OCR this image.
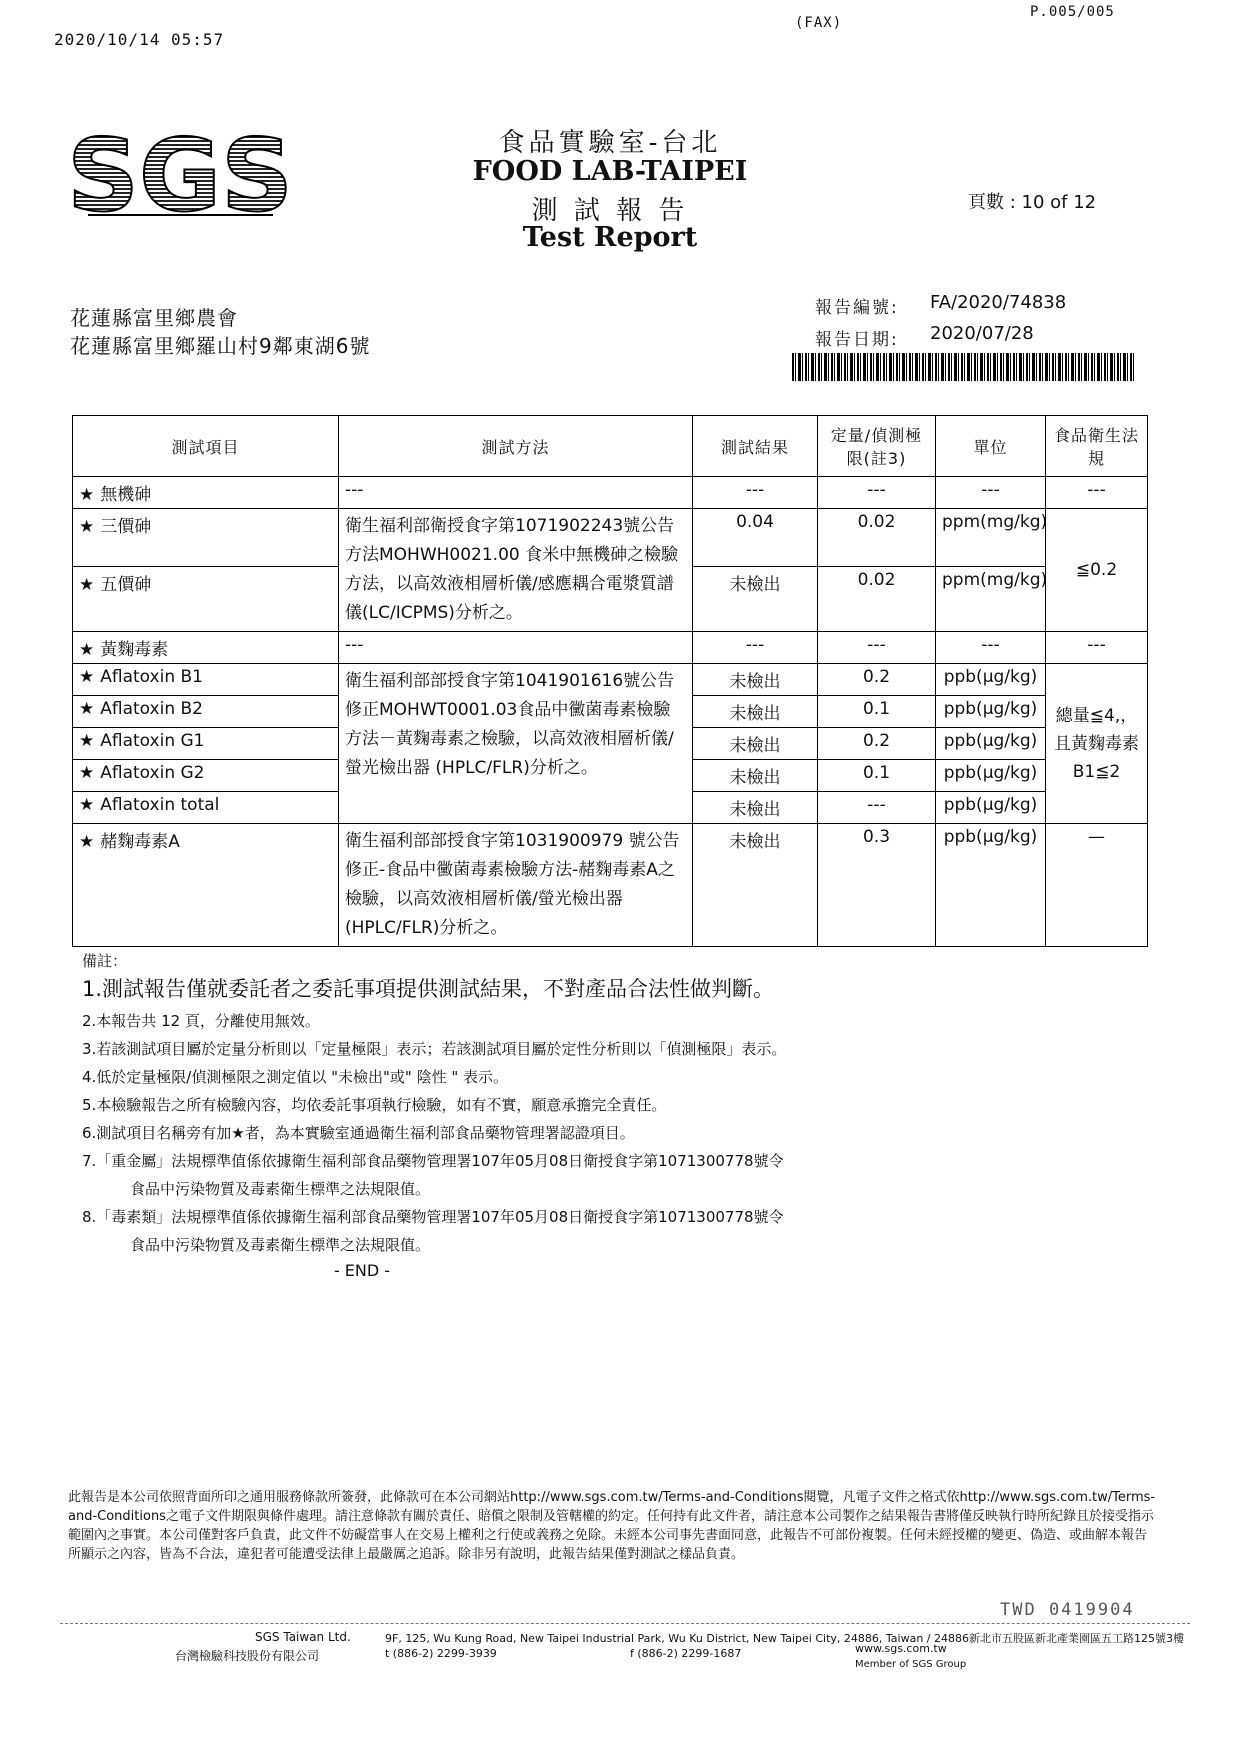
2020/10/14 05:57
(FAX)
P.005/005
SGS	食品實驗室-台北
FOOD LAB-TAIPEI
測 試 報 告
Test Report
頁數 : 10 of 12
花蓮縣富里鄉農會
花蓮縣富里鄉羅山村9鄰東湖6號
報告編號: FA/2020/74838
報告日期: 2020/07/28
測試項目	測試方法	測試結果	定量/偵測極限(註3)	單位	食品衛生法規
★ 無機砷	---	---	---	---	---
★ 三價砷	衛生福利部衛授食字第1071902243號公告方法MOHWH0021.00 食米中無機砷之檢驗方法，以高效液相層析儀/感應耦合電漿質譜儀(LC/ICPMS)分析之。	0.04	0.02	ppm(mg/kg)	≦0.2
★ 五價砷		未檢出	0.02	ppm(mg/kg)	
★ 黃麴毒素	---	---	---	---	---
★ Aflatoxin B1	衛生福利部部授食字第1041901616號公告修正MOHWT0001.03食品中黴菌毒素檢驗方法－黃麴毒素之檢驗，以高效液相層析儀/螢光檢出器 (HPLC/FLR)分析之。	未檢出	0.2	ppb(μg/kg)	總量≦4,，且黃麴毒素B1≦2
★ Aflatoxin B2		未檢出	0.1	ppb(μg/kg)	
★ Aflatoxin G1		未檢出	0.2	ppb(μg/kg)	
★ Aflatoxin G2		未檢出	0.1	ppb(μg/kg)	
★ Aflatoxin total		未檢出	---	ppb(μg/kg)	
★ 赭麴毒素A	衛生福利部部授食字第1031900979 號公告修正-食品中黴菌毒素檢驗方法-赭麴毒素A之檢驗，以高效液相層析儀/螢光檢出器(HPLC/FLR)分析之。	未檢出	0.3	ppb(μg/kg)	—
備註：
1.測試報告僅就委託者之委託事項提供測試結果，不對產品合法性做判斷。
2.本報告共 12 頁，分離使用無效。
3.若該測試項目屬於定量分析則以「定量極限」表示；若該測試項目屬於定性分析則以「偵測極限」表示。
4.低於定量極限/偵測極限之測定值以 "未檢出"或" 陰性 " 表示。
5.本檢驗報告之所有檢驗內容，均依委託事項執行檢驗，如有不實，願意承擔完全責任。
6.測試項目名稱旁有加★者，為本實驗室通過衛生福利部食品藥物管理署認證項目。
7.「重金屬」法規標準值係依據衛生福利部食品藥物管理署107年05月08日衛授食字第1071300778號令
食品中污染物質及毒素衛生標準之法規限值。
8.「毒素類」法規標準值係依據衛生福利部食品藥物管理署107年05月08日衛授食字第1071300778號令
食品中污染物質及毒素衛生標準之法規限值。
- END -
此報告是本公司依照背面所印之通用服務條款所簽發，此條款可在本公司網站http://www.sgs.com.tw/Terms-and-Conditions閱覽，凡電子文件之格式依http://www.sgs.com.tw/Terms-and-Conditions之電子文件期限與條件處理。請注意條款有關於責任、賠償之限制及管轄權的約定。任何持有此文件者，請注意本公司製作之結果報告書將僅反映執行時所紀錄且於接受指示範圍內之事實。本公司僅對客戶負責，此文件不妨礙當事人在交易上權利之行使或義務之免除。未經本公司事先書面同意，此報告不可部份複製。任何未經授權的變更、偽造、或曲解本報告所顯示之內容，皆為不合法，違犯者可能遭受法律上最嚴厲之追訴。除非另有說明，此報告結果僅對測試之樣品負責。
TWD 0419904
SGS Taiwan Ltd.
台灣檢驗科技股份有限公司
9F, 125, Wu Kung Road, New Taipei Industrial Park, Wu Ku District, New Taipei City, 24886, Taiwan / 24886新北市五股區新北產業園區五工路125號3樓
t (886-2) 2299-3939	f (886-2) 2299-1687	www.sgs.com.tw
Member of SGS Group
